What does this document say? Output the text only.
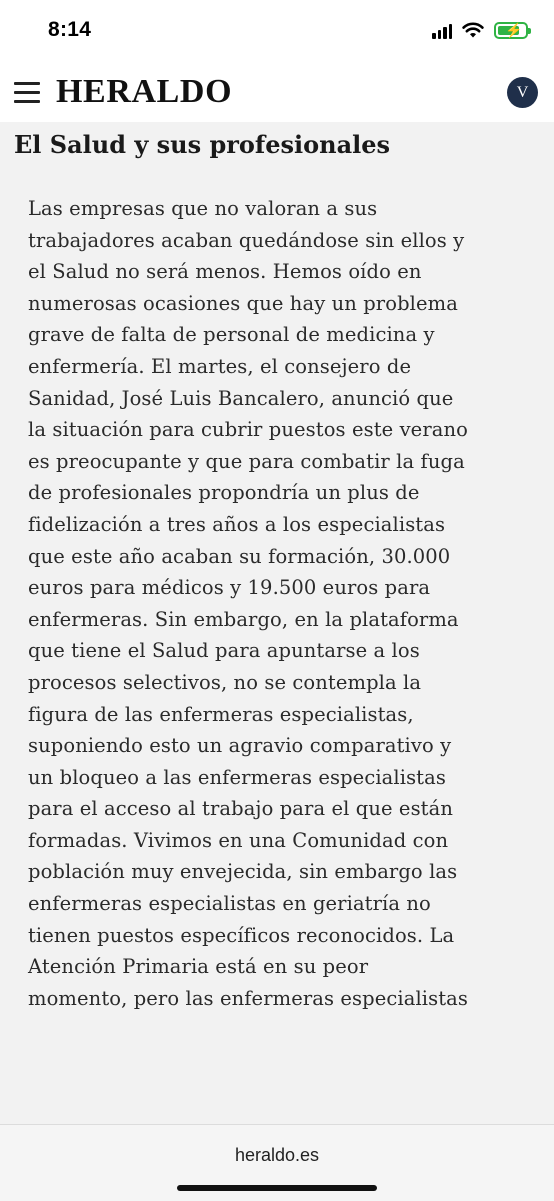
8:14	⚡
HERALDO	V
El Salud y sus profesionales

Las empresas que no valoran a sus
trabajadores acaban quedándose sin ellos y
el Salud no será menos. Hemos oído en
numerosas ocasiones que hay un problema
grave de falta de personal de medicina y
enfermería. El martes, el consejero de
Sanidad, José Luis Bancalero, anunció que
la situación para cubrir puestos este verano
es preocupante y que para combatir la fuga
de profesionales propondría un plus de
fidelización a tres años a los especialistas
que este año acaban su formación, 30.000
euros para médicos y 19.500 euros para
enfermeras. Sin embargo, en la plataforma
que tiene el Salud para apuntarse a los
procesos selectivos, no se contempla la
figura de las enfermeras especialistas,
suponiendo esto un agravio comparativo y
un bloqueo a las enfermeras especialistas
para el acceso al trabajo para el que están
formadas. Vivimos en una Comunidad con
población muy envejecida, sin embargo las
enfermeras especialistas en geriatría no
tienen puestos específicos reconocidos. La
Atención Primaria está en su peor
momento, pero las enfermeras especialistas

heraldo.es
